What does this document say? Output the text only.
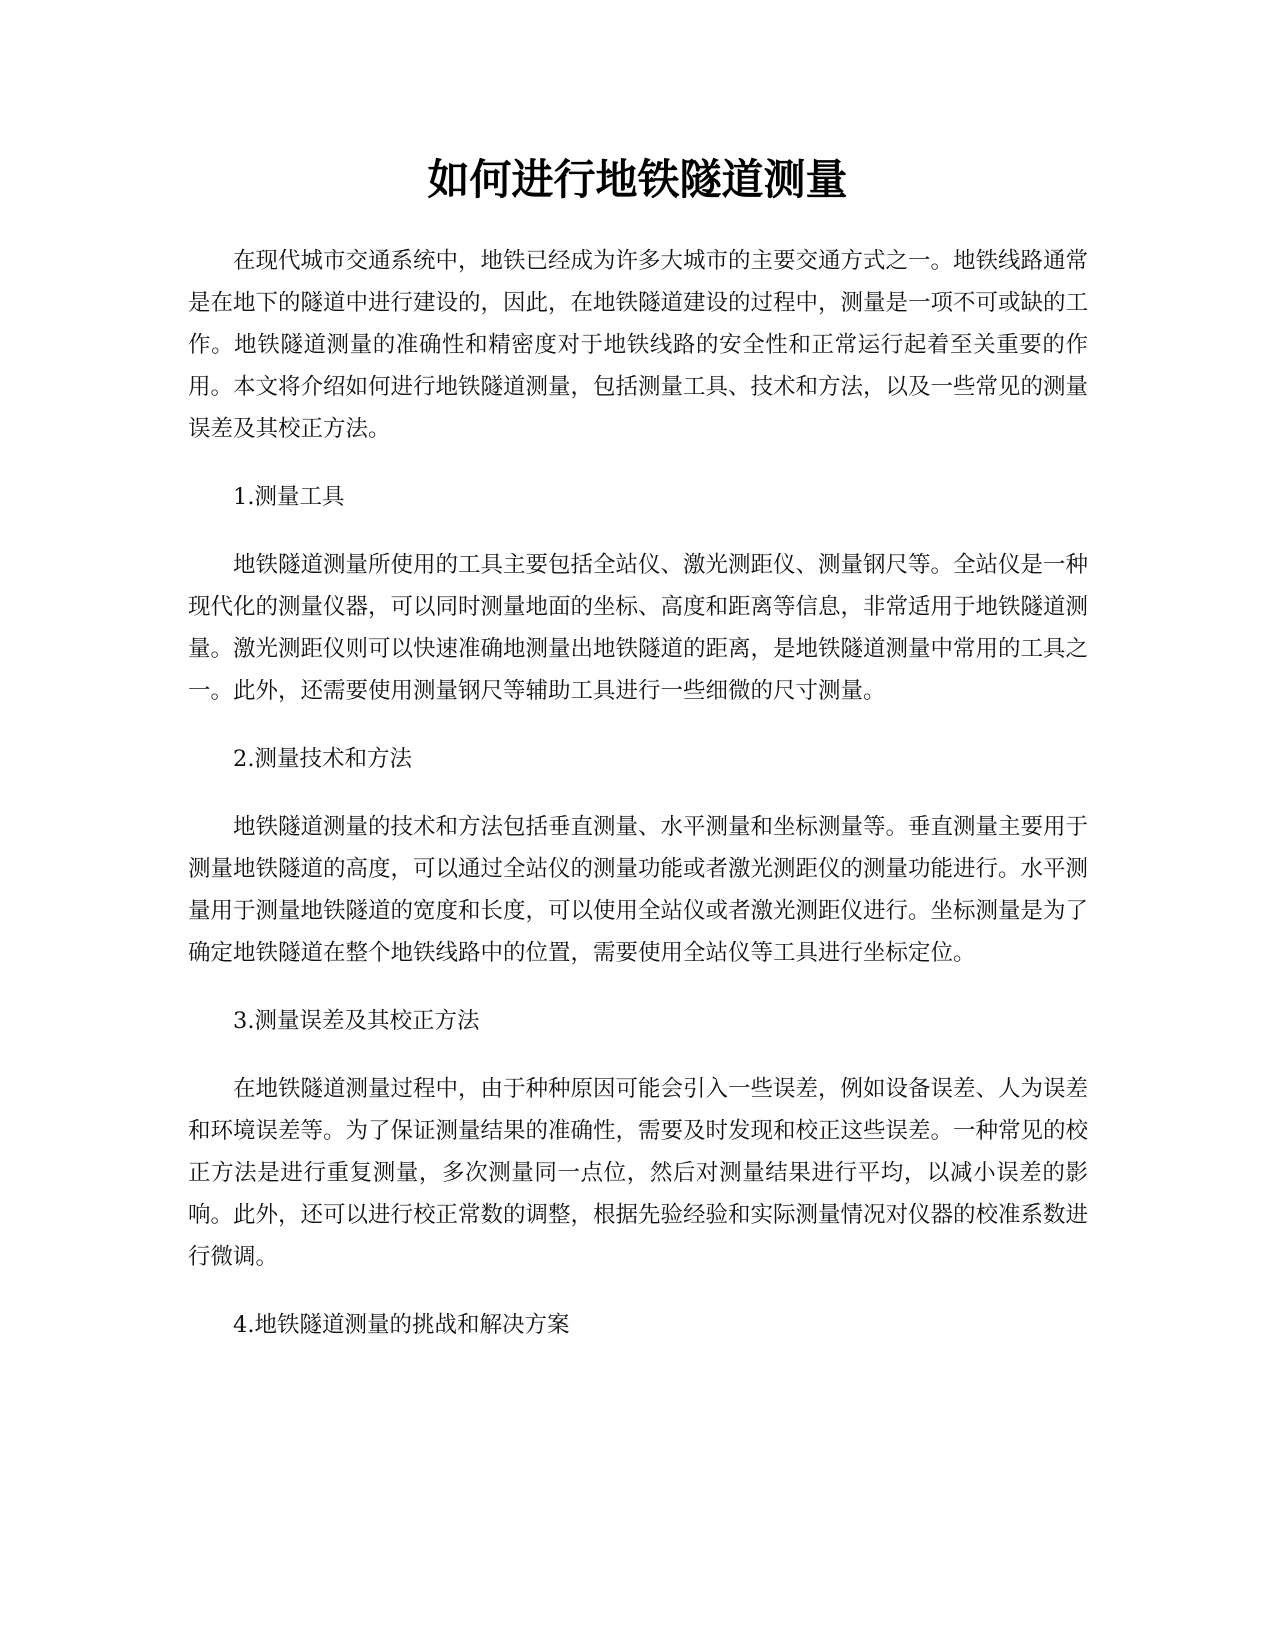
如何进行地铁隧道测量

在现代城市交通系统中，地铁已经成为许多大城市的主要交通方式之一。地铁线路通常是在地下的隧道中进行建设的，因此，在地铁隧道建设的过程中，测量是一项不可或缺的工作。地铁隧道测量的准确性和精密度对于地铁线路的安全性和正常运行起着至关重要的作用。本文将介绍如何进行地铁隧道测量，包括测量工具、技术和方法，以及一些常见的测量误差及其校正方法。

1.测量工具

地铁隧道测量所使用的工具主要包括全站仪、激光测距仪、测量钢尺等。全站仪是一种现代化的测量仪器，可以同时测量地面的坐标、高度和距离等信息，非常适用于地铁隧道测量。激光测距仪则可以快速准确地测量出地铁隧道的距离，是地铁隧道测量中常用的工具之一。此外，还需要使用测量钢尺等辅助工具进行一些细微的尺寸测量。

2.测量技术和方法

地铁隧道测量的技术和方法包括垂直测量、水平测量和坐标测量等。垂直测量主要用于测量地铁隧道的高度，可以通过全站仪的测量功能或者激光测距仪的测量功能进行。水平测量用于测量地铁隧道的宽度和长度，可以使用全站仪或者激光测距仪进行。坐标测量是为了确定地铁隧道在整个地铁线路中的位置，需要使用全站仪等工具进行坐标定位。

3.测量误差及其校正方法

在地铁隧道测量过程中，由于种种原因可能会引入一些误差，例如设备误差、人为误差和环境误差等。为了保证测量结果的准确性，需要及时发现和校正这些误差。一种常见的校正方法是进行重复测量，多次测量同一点位，然后对测量结果进行平均，以减小误差的影响。此外，还可以进行校正常数的调整，根据先验经验和实际测量情况对仪器的校准系数进行微调。

4.地铁隧道测量的挑战和解决方案
